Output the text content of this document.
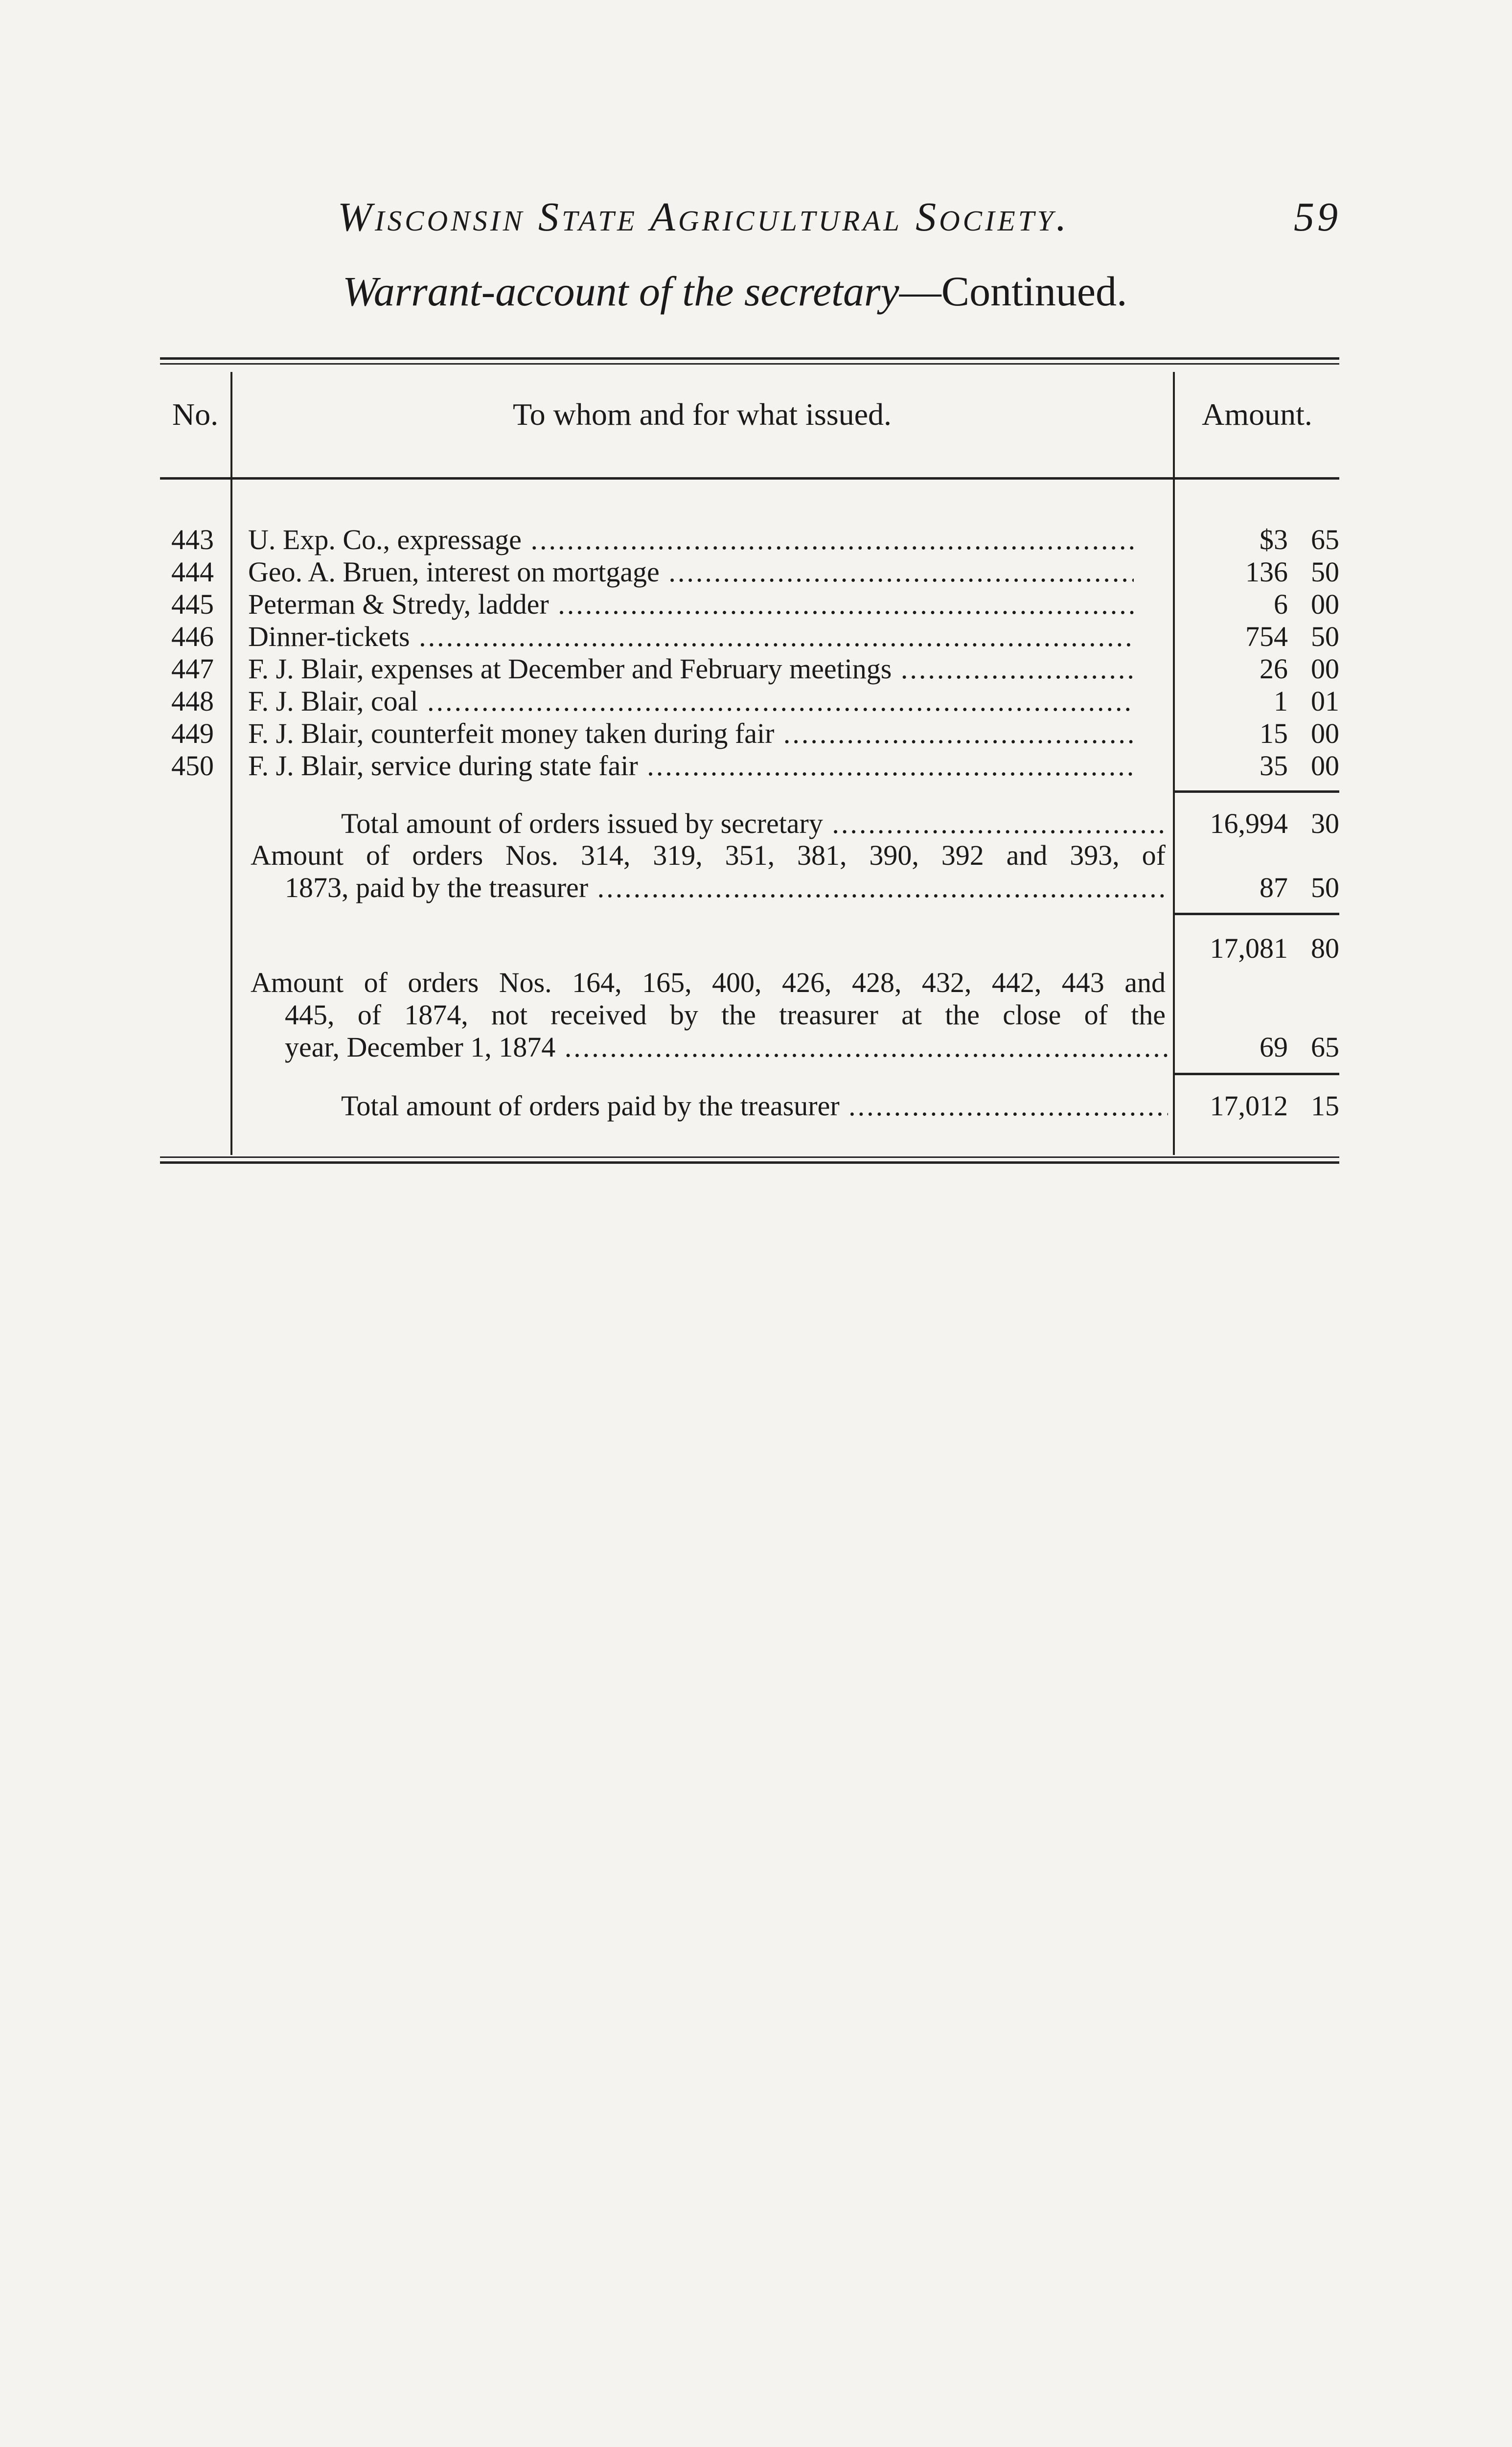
Wisconsin State Agricultural Society.	59
Warrant-account of the secretary—Continued.
No.	To whom and for what issued.	Amount.
443 U. Exp. Co., expressage .....	$3 65
444 Geo. A. Bruen, interest on mortgage .....	136 50
445 Peterman & Stredy, ladder .....	6 00
446 Dinner-tickets .....	754 50
447 F. J. Blair, expenses at December and February meetings .....	26 00
448 F. J. Blair, coal .....	1 01
449 F. J. Blair, counterfeit money taken during fair .....	15 00
450 F. J. Blair, service during state fair .....	35 00
Total amount of orders issued by secretary .....	16,994 30
Amount of orders Nos. 314, 319, 351, 381, 390, 392 and 393, of
1873, paid by the treasurer .....	87 50
17,081 80
Amount of orders Nos. 164, 165, 400, 426, 428, 432, 442, 443 and
445, of 1874, not received by the treasurer at the close of the
year, December 1, 1874 .....	69 65
Total amount of orders paid by the treasurer .....	17,012 15
